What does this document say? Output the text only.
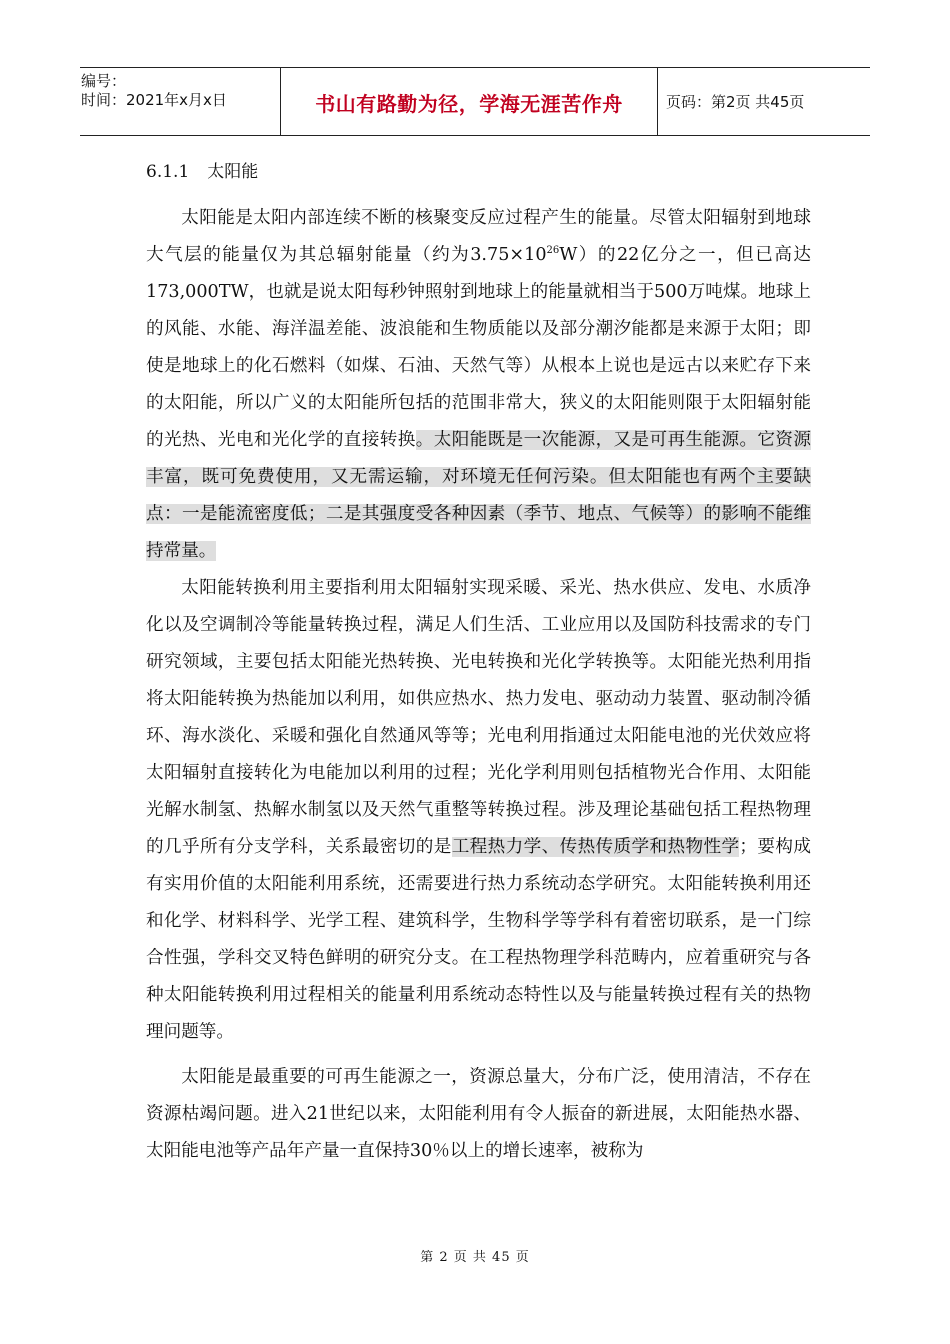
编号：
时间：2021年x月x日	书山有路勤为径，学海无涯苦作舟	页码：第2页 共45页
6.1.1 太阳能

太阳能是太阳内部连续不断的核聚变反应过程产生的能量。尽管太阳辐射到地球大气层的能量仅为其总辐射能量（约为$3.75\times 10^{26}W$）的22亿分之一，但已高达173,000TW，也就是说太阳每秒钟照射到地球上的能量就相当于500万吨煤。地球上的风能、水能、海洋温差能、波浪能和生物质能以及部分潮汐能都是来源于太阳；即使是地球上的化石燃料（如煤、石油、天然气等）从根本上说也是远古以来贮存下来的太阳能，所以广义的太阳能所包括的范围非常大，狭义的太阳能则限于太阳辐射能的光热、光电和光化学的直接转换。太阳能既是一次能源，又是可再生能源。它资源丰富，既可免费使用，又无需运输，对环境无任何污染。但太阳能也有两个主要缺点：一是能流密度低；二是其强度受各种因素（季节、地点、气候等）的影响不能维持常量。

太阳能转换利用主要指利用太阳辐射实现采暖、采光、热水供应、发电、水质净化以及空调制冷等能量转换过程，满足人们生活、工业应用以及国防科技需求的专门研究领域，主要包括太阳能光热转换、光电转换和光化学转换等。太阳能光热利用指将太阳能转换为热能加以利用，如供应热水、热力发电、驱动动力装置、驱动制冷循环、海水淡化、采暖和强化自然通风等等；光电利用指通过太阳能电池的光伏效应将太阳辐射直接转化为电能加以利用的过程；光化学利用则包括植物光合作用、太阳能光解水制氢、热解水制氢以及天然气重整等转换过程。涉及理论基础包括工程热物理的几乎所有分支学科，关系最密切的是工程热力学、传热传质学和热物性学；要构成有实用价值的太阳能利用系统，还需要进行热力系统动态学研究。太阳能转换利用还和化学、材料科学、光学工程、建筑科学，生物科学等学科有着密切联系，是一门综合性强，学科交叉特色鲜明的研究分支。在工程热物理学科范畴内，应着重研究与各种太阳能转换利用过程相关的能量利用系统动态特性以及与能量转换过程有关的热物理问题等。

太阳能是最重要的可再生能源之一，资源总量大，分布广泛，使用清洁，不存在资源枯竭问题。进入21世纪以来，太阳能利用有令人振奋的新进展，太阳能热水器、太阳能电池等产品年产量一直保持30％以上的增长速率，被称为

第 2 页 共 45 页
